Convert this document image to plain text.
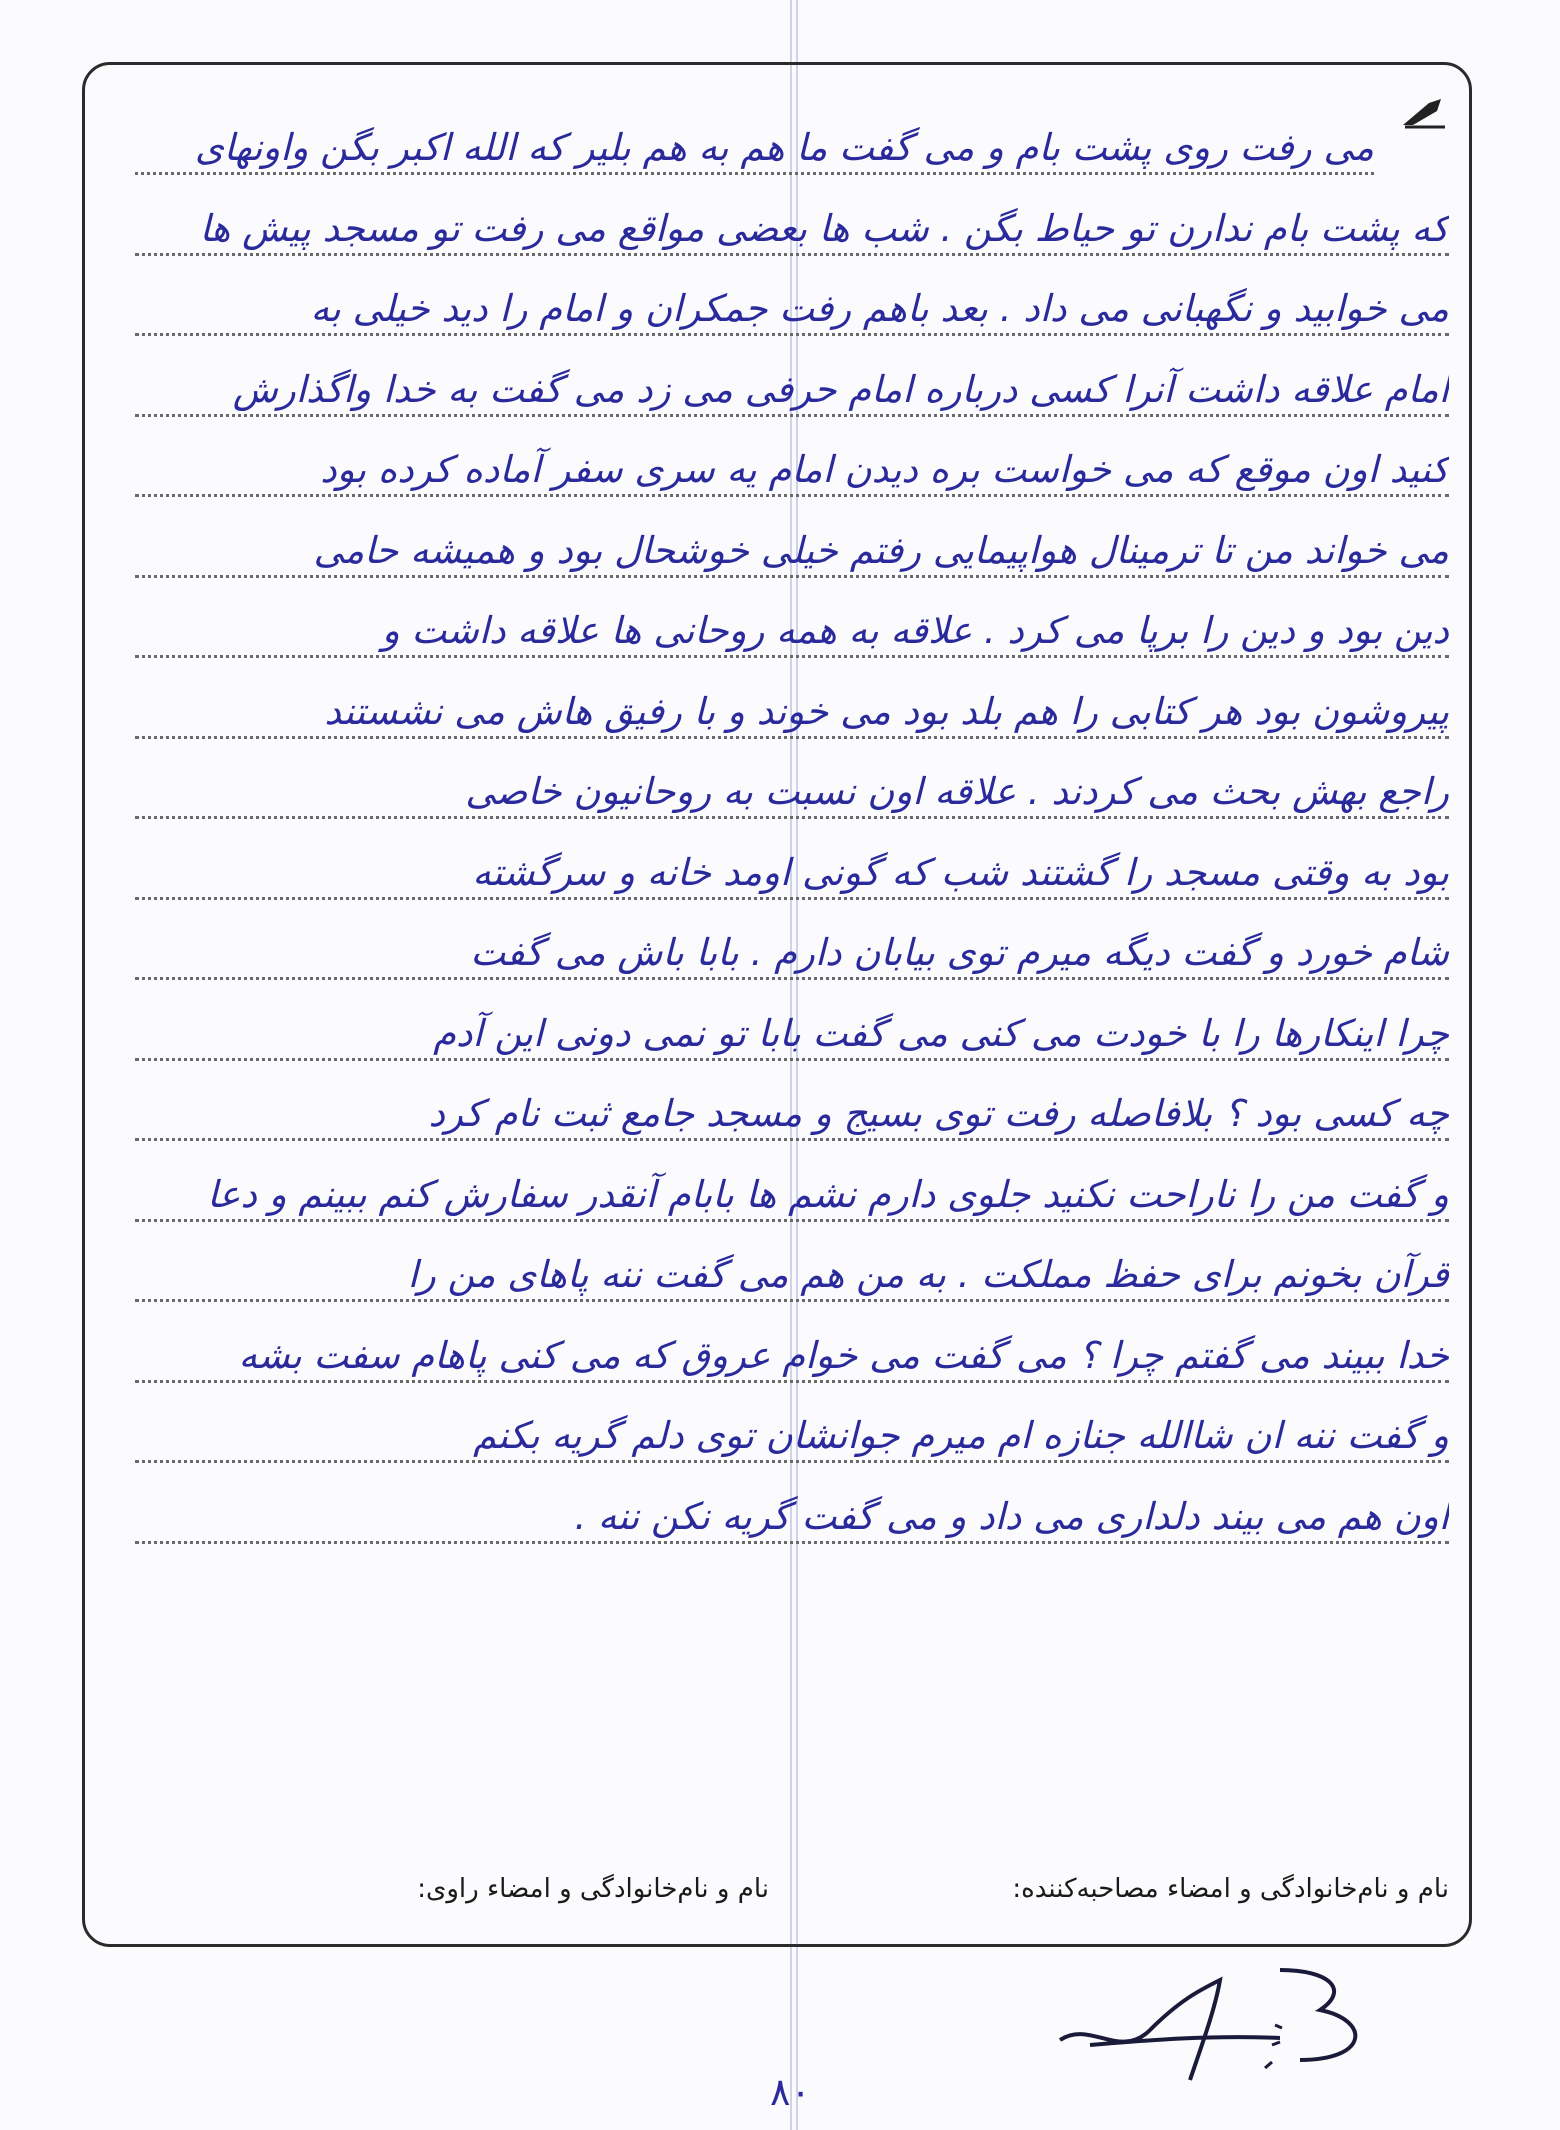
می رفت روی پشت بام و می گفت ما هم به هم بلیر که الله اکبر بگن واونهای
که پشت بام ندارن تو حیاط بگن . شب ها بعضی مواقع می رفت تو مسجد پیش ها
می خوابید و نگهبانی می داد . بعد باهم رفت جمکران و امام را دید خیلی به
امام علاقه داشت آنرا کسی درباره امام حرفی می زد می گفت به خدا واگذارش
کنید اون موقع که می خواست بره دیدن امام یه سری سفر آماده کرده بود
می خواند من تا ترمینال هواپیمایی رفتم خیلی خوشحال بود و همیشه حامی
دین بود و دین را برپا می کرد . علاقه به همه روحانی ها علاقه داشت و
پیروشون بود هر کتابی را هم بلد بود می خوند و با رفیق هاش می نشستند
راجع بهش بحث می کردند . علاقه اون نسبت به روحانیون خاصی
بود به وقتی مسجد را گشتند شب که گونی اومد خانه و سرگشته
شام خورد و گفت دیگه میرم توی بیابان دارم . بابا باش می گفت
چرا اینکارها را با خودت می کنی می گفت بابا تو نمی دونی این آدم
چه کسی بود ؟ بلافاصله رفت توی بسیج و مسجد جامع ثبت نام کرد
و گفت من را ناراحت نکنید جلوی دارم نشم ها بابام آنقدر سفارش کنم ببینم و دعا
قرآن بخونم برای حفظ مملکت . به من هم می گفت ننه پاهای من را
خدا ببیند می گفتم چرا ؟ می گفت می خوام عروق که می کنی پاهام سفت بشه
و گفت ننه ان شاالله جنازه ام میرم جوانشان توی دلم گریه بکنم
اون هم می بیند دلداری می داد و می گفت گریه نکن ننه .
نام و نام‌خانوادگی و امضاء مصاحبه‌کننده:
نام و نام‌خانوادگی و امضاء راوی:
۸۰
